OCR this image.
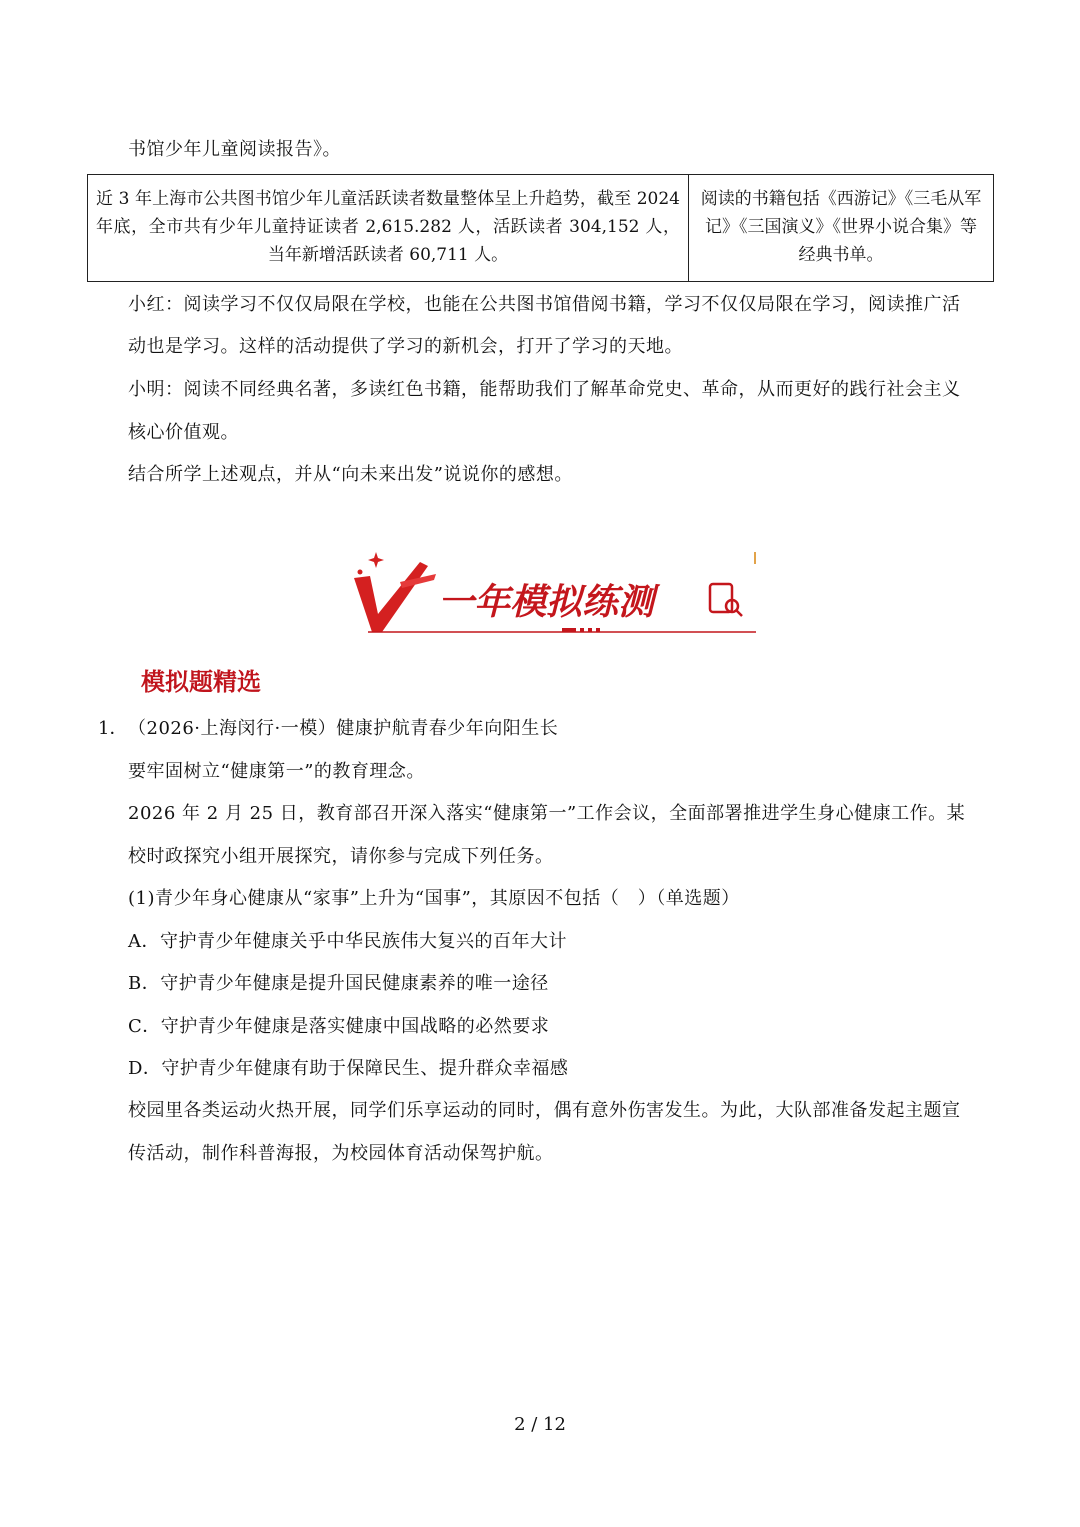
书馆少年儿童阅读报告》。
近 3 年上海市公共图书馆少年儿童活跃读者数量整体呈上升趋势，截至 2024 年底，全市共有少年儿童持证读者 2,615.282 人，活跃读者 304,152 人，当年新增活跃读者 60,711 人。
阅读的书籍包括《西游记》《三毛从军记》《三国演义》《世界小说合集》等经典书单。
小红：阅读学习不仅仅局限在学校，也能在公共图书馆借阅书籍，学习不仅仅局限在学习，阅读推广活
动也是学习。这样的活动提供了学习的新机会，打开了学习的天地。
小明：阅读不同经典名著，多读红色书籍，能帮助我们了解革命党史、革命，从而更好的践行社会主义
核心价值观。
结合所学上述观点，并从“向未来出发”说说你的感想。
一年模拟练测
模拟题精选
1． （2026·上海闵行·一模）健康护航青春少年向阳生长
要牢固树立“健康第一”的教育理念。
2026 年 2 月 25 日，教育部召开深入落实“健康第一”工作会议，全面部署推进学生身心健康工作。某
校时政探究小组开展探究，请你参与完成下列任务。
(1)青少年身心健康从“家事”上升为“国事”，其原因不包括（　）（单选题）
A．守护青少年健康关乎中华民族伟大复兴的百年大计
B．守护青少年健康是提升国民健康素养的唯一途径
C．守护青少年健康是落实健康中国战略的必然要求
D．守护青少年健康有助于保障民生、提升群众幸福感
校园里各类运动火热开展，同学们乐享运动的同时，偶有意外伤害发生。为此，大队部准备发起主题宣
传活动，制作科普海报，为校园体育活动保驾护航。
2 / 12
